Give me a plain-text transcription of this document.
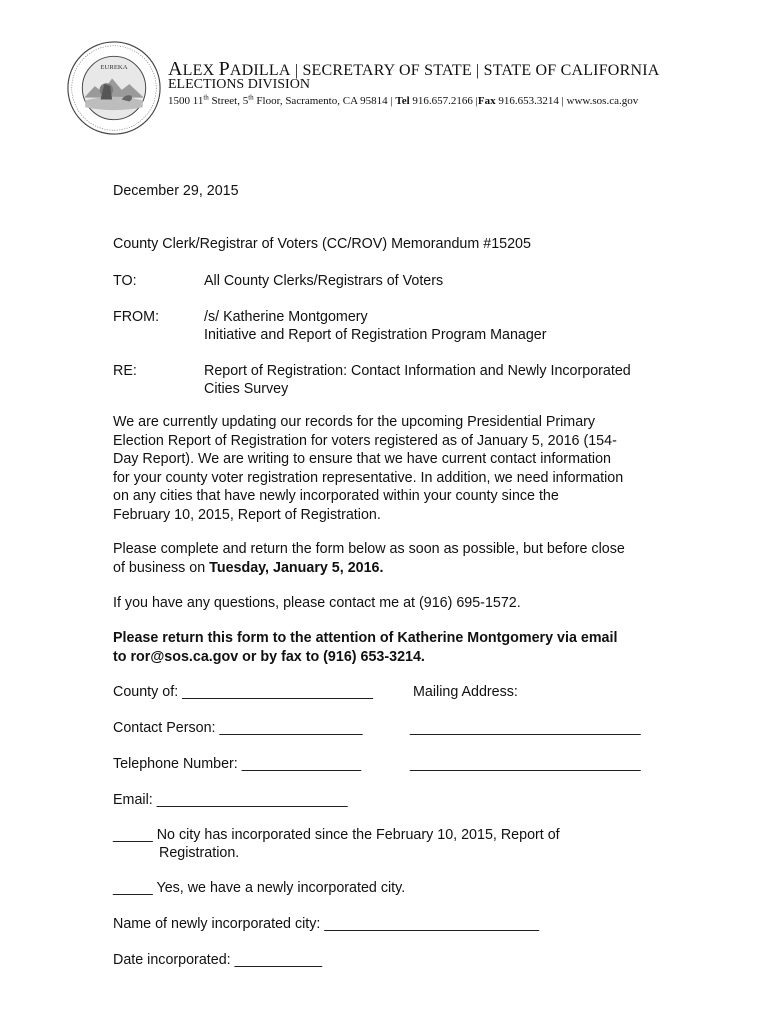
EUREKA ALEX PADILLA | SECRETARY OF STATE | STATE OF CALIFORNIA
ELECTIONS DIVISION
1500 11th Street, 5th Floor, Sacramento, CA 95814 | Tel 916.657.2166 |Fax 916.653.3214 | www.sos.ca.gov
December 29, 2015
County Clerk/Registrar of Voters (CC/ROV) Memorandum #15205
TO:	All County Clerks/Registrars of Voters
FROM:	/s/ Katherine Montgomery
Initiative and Report of Registration Program Manager
RE:	Report of Registration: Contact Information and Newly Incorporated
Cities Survey
We are currently updating our records for the upcoming Presidential Primary
Election Report of Registration for voters registered as of January 5, 2016 (154-
Day Report). We are writing to ensure that we have current contact information
for your county voter registration representative. In addition, we need information
on any cities that have newly incorporated within your county since the
February 10, 2015, Report of Registration.
Please complete and return the form below as soon as possible, but before close
of business on Tuesday, January 5, 2016.
If you have any questions, please contact me at (916) 695-1572.
Please return this form to the attention of Katherine Montgomery via email
to ror@sos.ca.gov or by fax to (916) 653-3214.
County of: ________________________	Mailing Address:
Contact Person: __________________	_____________________________
Telephone Number: _______________	_____________________________
Email: ________________________
_____ No city has incorporated since the February 10, 2015, Report of
Registration.
_____ Yes, we have a newly incorporated city.
Name of newly incorporated city: ___________________________
Date incorporated: ___________
